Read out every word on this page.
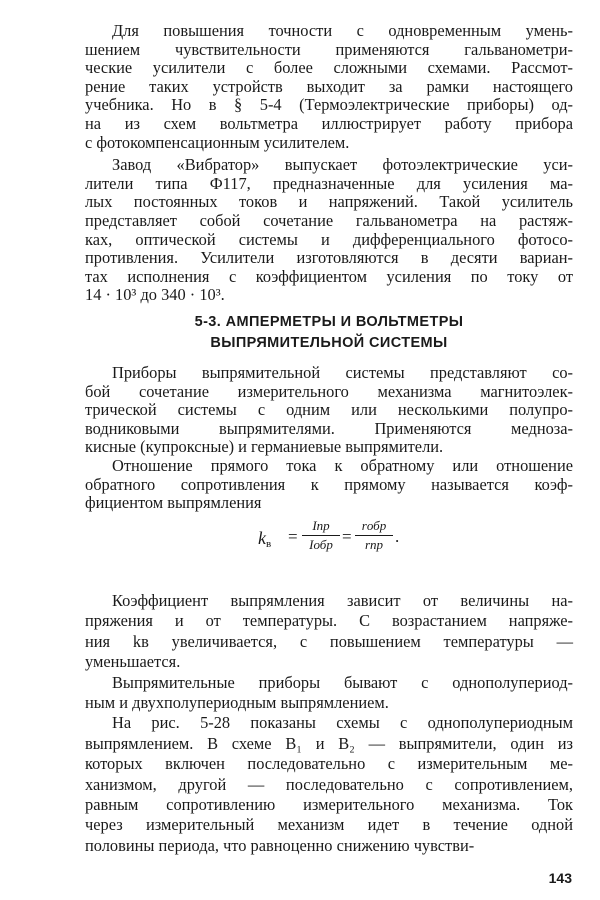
Для повышения точности с одновременным умень-
шением чувствительности применяются гальванометри-
ческие усилители с более сложными схемами. Рассмот-
рение таких устройств выходит за рамки настоящего
учебника. Но в § 5-4 (Термоэлектрические приборы) од-
на из схем вольтметра иллюстрирует работу прибора
с фотокомпенсационным усилителем.
Завод «Вибратор» выпускает фотоэлектрические уси-
лители типа Ф117, предназначенные для усиления ма-
лых постоянных токов и напряжений. Такой усилитель
представляет собой сочетание гальванометра на растяж-
ках, оптической системы и дифференциального фотосо-
противления. Усилители изготовляются в десяти вариан-
тах исполнения с коэффициентом усиления по току от
14 · 10³ до 340 · 10³.
5-3. АМПЕРМЕТРЫ И ВОЛЬТМЕТРЫ
ВЫПРЯМИТЕЛЬНОЙ СИСТЕМЫ
Приборы выпрямительной системы представляют со-
бой сочетание измерительного механизма магнитоэлек-
трической системы с одним или несколькими полупро-
водниковыми выпрямителями. Применяются медноза-
кисные (купроксные) и германиевые выпрямители.
Отношение прямого тока к обратному или отношение
обратного сопротивления к прямому называется коэф-
фициентом выпрямления
$k_в$ =
Iпр
Iобр =
rобр
rпр .
143
Коэффициент выпрямления зависит от величины на-
пряжения и от температуры. С возрастанием напряже-
ния kв увеличивается, с повышением температуры —
уменьшается.
Выпрямительные приборы бывают с однополупериод-
ным и двухполупериодным выпрямлением.
На рис. 5-28 показаны схемы с однополупериодным
выпрямлением. В схеме B₁ и B₂ — выпрямители, один из
которых включен последовательно с измерительным ме-
ханизмом, другой — последовательно с сопротивлением,
равным сопротивлению измерительного механизма. Ток
через измерительный механизм идет в течение одной
половины периода, что равноценно снижению чувстви-
